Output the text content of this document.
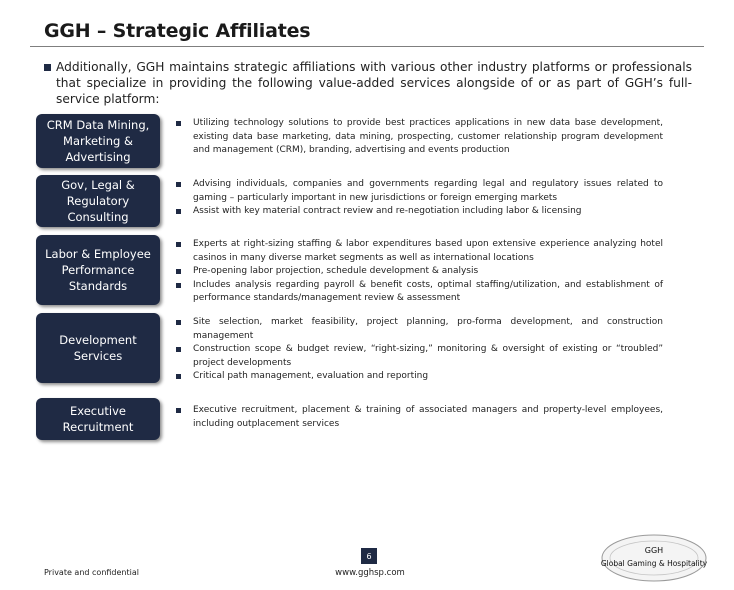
GGH – Strategic Affiliates
Additionally, GGH maintains strategic affiliations with various other industry platforms or professionals that specialize in providing the following value-added services alongside of or as part of GGH’s full-service platform:
CRM Data Mining, Marketing & Advertising
Utilizing technology solutions to provide best practices applications in new data base development, existing data base marketing, data mining, prospecting, customer relationship program development and management (CRM), branding, advertising and events production
Gov, Legal & Regulatory Consulting
Advising individuals, companies and governments regarding legal and regulatory issues related to gaming – particularly important in new jurisdictions or foreign emerging markets
Assist with key material contract review and re-negotiation including labor & licensing
Labor & Employee Performance Standards
Experts at right-sizing staffing & labor expenditures based upon extensive experience analyzing hotel casinos in many diverse market segments as well as international locations
Pre-opening labor projection, schedule development & analysis
Includes analysis regarding payroll & benefit costs, optimal staffing/utilization, and establishment of performance standards/management review & assessment
Development Services
Site selection, market feasibility, project planning, pro-forma development, and construction management
Construction scope & budget review, “right-sizing,” monitoring & oversight of existing or “troubled” project developments
Critical path management, evaluation and reporting
Executive Recruitment
Executive recruitment, placement & training of associated managers and property-level employees, including outplacement services
Private and confidential
6
www.gghsp.com
GGH
Global Gaming & Hospitality
